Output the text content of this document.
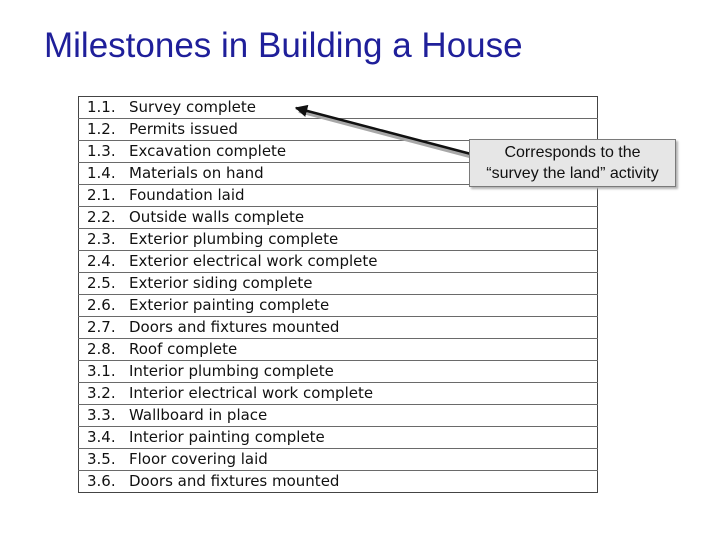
Milestones in Building a House
1.1.	Survey complete
1.2.	Permits issued
1.3.	Excavation complete
1.4.	Materials on hand
2.1.	Foundation laid
2.2.	Outside walls complete
2.3.	Exterior plumbing complete
2.4.	Exterior electrical work complete
2.5.	Exterior siding complete
2.6.	Exterior painting complete
2.7.	Doors and fixtures mounted
2.8.	Roof complete
3.1.	Interior plumbing complete
3.2.	Interior electrical work complete
3.3.	Wallboard in place
3.4.	Interior painting complete
3.5.	Floor covering laid
3.6.	Doors and fixtures mounted
Corresponds to the
“survey the land” activity
